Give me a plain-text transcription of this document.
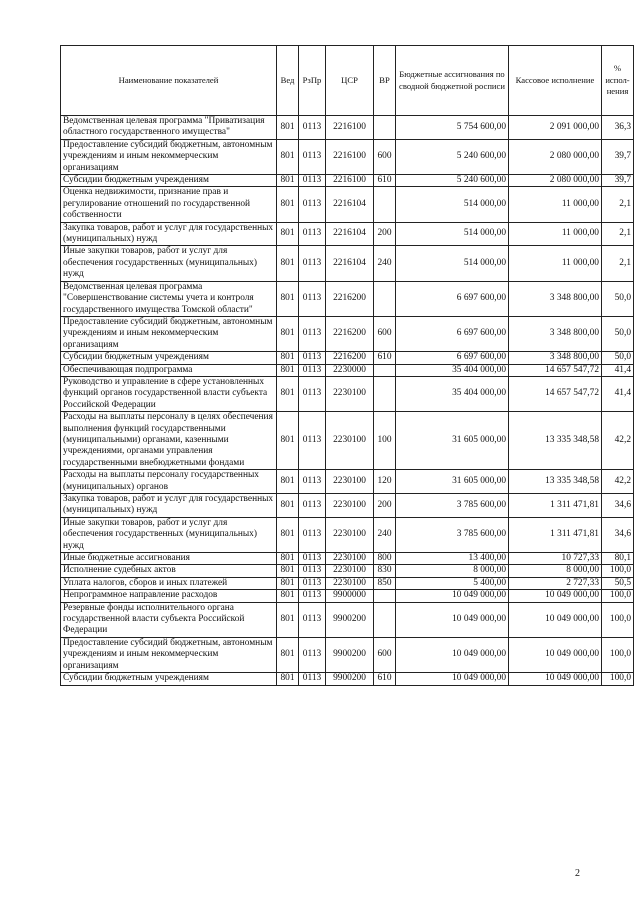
Наименование показателей	Вед	РзПр	ЦСР	ВР	Бюджетные ассигнования по сводной бюджетной росписи	Кассовое исполнение	% испол-нения
Ведомственная целевая программа "Приватизация областного государственного имущества"	801	0113	2216100		5 754 600,00	2 091 000,00	36,3
Предоставление субсидий бюджетным, автономным учреждениям и иным некоммерческим организациям	801	0113	2216100	600	5 240 600,00	2 080 000,00	39,7
Субсидии бюджетным учреждениям	801	0113	2216100	610	5 240 600,00	2 080 000,00	39,7
Оценка недвижимости, признание прав и регулирование отношений по государственной собственности	801	0113	2216104		514 000,00	11 000,00	2,1
Закупка товаров, работ и услуг для государственных (муниципальных) нужд	801	0113	2216104	200	514 000,00	11 000,00	2,1
Иные закупки товаров, работ и услуг для обеспечения государственных (муниципальных) нужд	801	0113	2216104	240	514 000,00	11 000,00	2,1
Ведомственная целевая программа "Совершенствование системы учета и контроля государственного имущества Томской области"	801	0113	2216200		6 697 600,00	3 348 800,00	50,0
Предоставление субсидий бюджетным, автономным учреждениям и иным некоммерческим организациям	801	0113	2216200	600	6 697 600,00	3 348 800,00	50,0
Субсидии бюджетным учреждениям	801	0113	2216200	610	6 697 600,00	3 348 800,00	50,0
Обеспечивающая подпрограмма	801	0113	2230000		35 404 000,00	14 657 547,72	41,4
Руководство и управление в сфере установленных функций органов государственной власти субъекта Российской Федерации	801	0113	2230100		35 404 000,00	14 657 547,72	41,4
Расходы на выплаты персоналу в целях обеспечения выполнения функций государственными (муниципальными) органами, казенными учреждениями, органами управления государственными внебюджетными фондами	801	0113	2230100	100	31 605 000,00	13 335 348,58	42,2
Расходы на выплаты персоналу государственных (муниципальных) органов	801	0113	2230100	120	31 605 000,00	13 335 348,58	42,2
Закупка товаров, работ и услуг для государственных (муниципальных) нужд	801	0113	2230100	200	3 785 600,00	1 311 471,81	34,6
Иные закупки товаров, работ и услуг для обеспечения государственных (муниципальных) нужд	801	0113	2230100	240	3 785 600,00	1 311 471,81	34,6
Иные бюджетные ассигнования	801	0113	2230100	800	13 400,00	10 727,33	80,1
Исполнение судебных актов	801	0113	2230100	830	8 000,00	8 000,00	100,0
Уплата налогов, сборов и иных платежей	801	0113	2230100	850	5 400,00	2 727,33	50,5
Непрограммное направление расходов	801	0113	9900000		10 049 000,00	10 049 000,00	100,0
Резервные фонды исполнительного органа государственной власти субъекта Российской Федерации	801	0113	9900200		10 049 000,00	10 049 000,00	100,0
Предоставление субсидий бюджетным, автономным учреждениям и иным некоммерческим организациям	801	0113	9900200	600	10 049 000,00	10 049 000,00	100,0
Субсидии бюджетным учреждениям	801	0113	9900200	610	10 049 000,00	10 049 000,00	100,0
2
